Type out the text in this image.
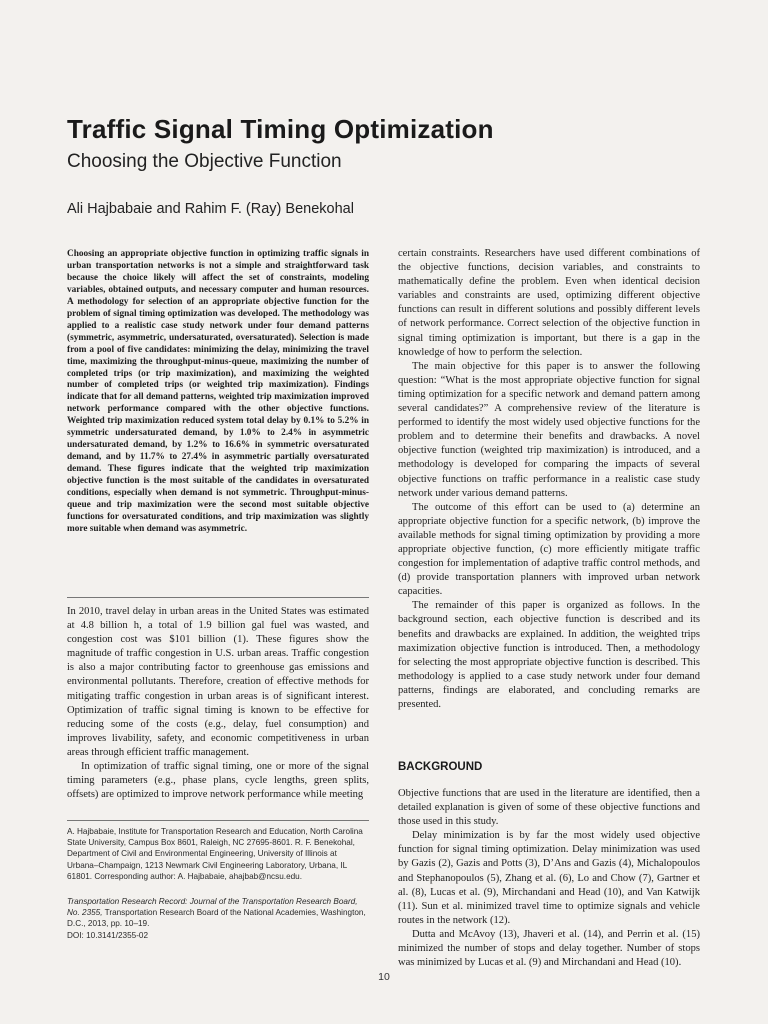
Traffic Signal Timing Optimization
Choosing the Objective Function
Ali Hajbabaie and Rahim F. (Ray) Benekohal

Choosing an appropriate objective function in optimizing traffic signals in urban transportation networks is not a simple and straightforward task because the choice likely will affect the set of constraints, modeling variables, obtained outputs, and necessary computer and human resources. A methodology for selection of an appropriate objective function for the problem of signal timing optimization was developed. The methodology was applied to a realistic case study network under four demand patterns (symmetric, asymmetric, undersaturated, oversaturated). Selection is made from a pool of five candidates: minimizing the delay, minimizing the travel time, maximizing the throughput-minus-queue, maximizing the number of completed trips (or trip maximization), and maximizing the weighted number of completed trips (or weighted trip maximization). Findings indicate that for all demand patterns, weighted trip maximization improved network performance compared with the other objective functions. Weighted trip maximization reduced system total delay by 0.1% to 5.2% in symmetric undersaturated demand, by 1.0% to 2.4% in asymmetric undersaturated demand, by 1.2% to 16.6% in symmetric oversaturated demand, and by 11.7% to 27.4% in asymmetric partially oversaturated demand. These figures indicate that the weighted trip maximization objective function is the most suitable of the candidates in oversaturated conditions, especially when demand is not symmetric. Throughput-minus-queue and trip maximization were the second most suitable objective functions for oversaturated conditions, and trip maximization was slightly more suitable when demand was asymmetric.

In 2010, travel delay in urban areas in the United States was estimated at 4.8 billion h, a total of 1.9 billion gal fuel was wasted, and congestion cost was $101 billion (1). These figures show the magnitude of traffic congestion in U.S. urban areas. Traffic congestion is also a major contributing factor to greenhouse gas emissions and environmental pollutants. Therefore, creation of effective methods for mitigating traffic congestion in urban areas is of significant interest. Optimization of traffic signal timing is known to be effective for reducing some of the costs (e.g., delay, fuel consumption) and improves livability, safety, and economic competitiveness in urban areas through efficient traffic management.

In optimization of traffic signal timing, one or more of the signal timing parameters (e.g., phase plans, cycle lengths, green splits, offsets) are optimized to improve network performance while meeting

A. Hajbabaie, Institute for Transportation Research and Education, North Carolina State University, Campus Box 8601, Raleigh, NC 27695-8601. R. F. Benekohal, Department of Civil and Environmental Engineering, University of Illinois at Urbana–Champaign, 1213 Newmark Civil Engineering Laboratory, Urbana, IL 61801. Corresponding author: A. Hajbabaie, ahajbab@ncsu.edu.

Transportation Research Record: Journal of the Transportation Research Board,
No. 2355, Transportation Research Board of the National Academies, Washington, D.C., 2013, pp. 10–19.
DOI: 10.3141/2355-02

certain constraints. Researchers have used different combinations of the objective functions, decision variables, and constraints to mathematically define the problem. Even when identical decision variables and constraints are used, optimizing different objective functions can result in different solutions and possibly different levels of network performance. Correct selection of the objective function in signal timing optimization is important, but there is a gap in the knowledge of how to perform the selection.

The main objective for this paper is to answer the following question: “What is the most appropriate objective function for signal timing optimization for a specific network and demand pattern among several candidates?” A comprehensive review of the literature is performed to identify the most widely used objective functions for the problem and to determine their benefits and drawbacks. A novel objective function (weighted trip maximization) is introduced, and a methodology is developed for comparing the impacts of several objective functions on traffic performance in a realistic case study network under various demand patterns.

The outcome of this effort can be used to (a) determine an appropriate objective function for a specific network, (b) improve the available methods for signal timing optimization by providing a more appropriate objective function, (c) more efficiently mitigate traffic congestion for implementation of adaptive traffic control methods, and (d) provide transportation planners with improved urban network capacities.

The remainder of this paper is organized as follows. In the background section, each objective function is described and its benefits and drawbacks are explained. In addition, the weighted trips maximization objective function is introduced. Then, a methodology for selecting the most appropriate objective function is described. This methodology is applied to a case study network under four demand patterns, findings are elaborated, and concluding remarks are presented.

BACKGROUND

Objective functions that are used in the literature are identified, then a detailed explanation is given of some of these objective functions and those used in this study.

Delay minimization is by far the most widely used objective function for signal timing optimization. Delay minimization was used by Gazis (2), Gazis and Potts (3), D’Ans and Gazis (4), Michalopoulos and Stephanopoulos (5), Zhang et al. (6), Lo and Chow (7), Gartner et al. (8), Lucas et al. (9), Mirchandani and Head (10), and Van Katwijk (11). Sun et al. minimized travel time to optimize signals and vehicle routes in the network (12).

Dutta and McAvoy (13), Jhaveri et al. (14), and Perrin et al. (15) minimized the number of stops and delay together. Number of stops was minimized by Lucas et al. (9) and Mirchandani and Head (10).

10
